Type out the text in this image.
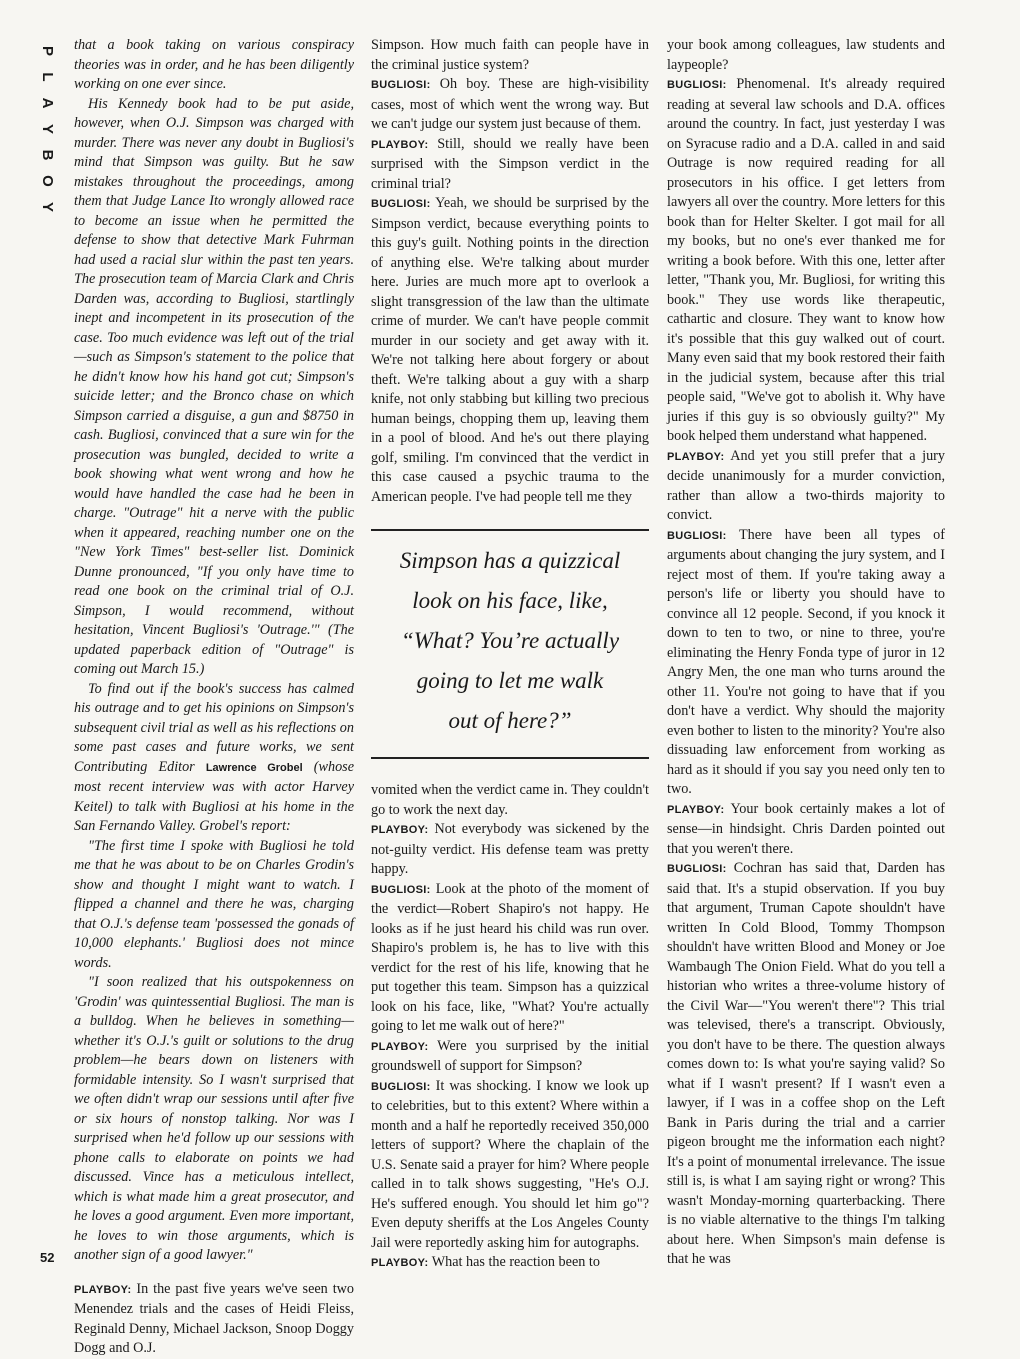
P
L
A
Y
B
O
Y
52

that a book taking on various conspiracy theories was in order, and he has been diligently working on one ever since.

His Kennedy book had to be put aside, however, when O.J. Simpson was charged with murder. There was never any doubt in Bugliosi's mind that Simpson was guilty. But he saw mistakes throughout the proceedings, among them that Judge Lance Ito wrongly allowed race to become an issue when he permitted the defense to show that detective Mark Fuhrman had used a racial slur within the past ten years. The prosecution team of Marcia Clark and Chris Darden was, according to Bugliosi, startlingly inept and incompetent in its prosecution of the case. Too much evidence was left out of the trial—such as Simpson's statement to the police that he didn't know how his hand got cut; Simpson's suicide letter; and the Bronco chase on which Simpson carried a disguise, a gun and $8750 in cash. Bugliosi, convinced that a sure win for the prosecution was bungled, decided to write a book showing what went wrong and how he would have handled the case had he been in charge. "Outrage" hit a nerve with the public when it appeared, reaching number one on the "New York Times" best-seller list. Dominick Dunne pronounced, "If you only have time to read one book on the criminal trial of O.J. Simpson, I would recommend, without hesitation, Vincent Bugliosi's 'Outrage.'" (The updated paperback edition of "Outrage" is coming out March 15.)

To find out if the book's success has calmed his outrage and to get his opinions on Simpson's subsequent civil trial as well as his reflections on some past cases and future works, we sent Contributing Editor Lawrence Grobel (whose most recent interview was with actor Harvey Keitel) to talk with Bugliosi at his home in the San Fernando Valley. Grobel's report:

"The first time I spoke with Bugliosi he told me that he was about to be on Charles Grodin's show and thought I might want to watch. I flipped a channel and there he was, charging that O.J.'s defense team 'possessed the gonads of 10,000 elephants.' Bugliosi does not mince words.

"I soon realized that his outspokenness on 'Grodin' was quintessential Bugliosi. The man is a bulldog. When he believes in something—whether it's O.J.'s guilt or solutions to the drug problem—he bears down on listeners with formidable intensity. So I wasn't surprised that we often didn't wrap our sessions until after five or six hours of nonstop talking. Nor was I surprised when he'd follow up our sessions with phone calls to elaborate on points we had discussed. Vince has a meticulous intellect, which is what made him a great prosecutor, and he loves a good argument. Even more important, he loves to win those arguments, which is another sign of a good lawyer."

PLAYBOY: In the past five years we've seen two Menendez trials and the cases of Heidi Fleiss, Reginald Denny, Michael Jackson, Snoop Doggy Dogg and O.J.

Simpson. How much faith can people have in the criminal justice system?

BUGLIOSI: Oh boy. These are high-visibility cases, most of which went the wrong way. But we can't judge our system just because of them.

PLAYBOY: Still, should we really have been surprised with the Simpson verdict in the criminal trial?

BUGLIOSI: Yeah, we should be surprised by the Simpson verdict, because everything points to this guy's guilt. Nothing points in the direction of anything else. We're talking about murder here. Juries are much more apt to overlook a slight transgression of the law than the ultimate crime of murder. We can't have people commit murder in our society and get away with it. We're not talking here about forgery or about theft. We're talking about a guy with a sharp knife, not only stabbing but killing two precious human beings, chopping them up, leaving them in a pool of blood. And he's out there playing golf, smiling. I'm convinced that the verdict in this case caused a psychic trauma to the American people. I've had people tell me they

Simpson has a quizzical
look on his face, like,
“What? You’re actually
going to let me walk
out of here?”

vomited when the verdict came in. They couldn't go to work the next day.

PLAYBOY: Not everybody was sickened by the not-guilty verdict. His defense team was pretty happy.

BUGLIOSI: Look at the photo of the moment of the verdict—Robert Shapiro's not happy. He looks as if he just heard his child was run over. Shapiro's problem is, he has to live with this verdict for the rest of his life, knowing that he put together this team. Simpson has a quizzical look on his face, like, "What? You're actually going to let me walk out of here?"

PLAYBOY: Were you surprised by the initial groundswell of support for Simpson?

BUGLIOSI: It was shocking. I know we look up to celebrities, but to this extent? Where within a month and a half he reportedly received 350,000 letters of support? Where the chaplain of the U.S. Senate said a prayer for him? Where people called in to talk shows suggesting, "He's O.J. He's suffered enough. You should let him go"? Even deputy sheriffs at the Los Angeles County Jail were reportedly asking him for autographs.

PLAYBOY: What has the reaction been to

your book among colleagues, law students and laypeople?

BUGLIOSI: Phenomenal. It's already required reading at several law schools and D.A. offices around the country. In fact, just yesterday I was on Syracuse radio and a D.A. called in and said Outrage is now required reading for all prosecutors in his office. I get letters from lawyers all over the country. More letters for this book than for Helter Skelter. I got mail for all my books, but no one's ever thanked me for writing a book before. With this one, letter after letter, "Thank you, Mr. Bugliosi, for writing this book." They use words like therapeutic, cathartic and closure. They want to know how it's possible that this guy walked out of court. Many even said that my book restored their faith in the judicial system, because after this trial people said, "We've got to abolish it. Why have juries if this guy is so obviously guilty?" My book helped them understand what happened.

PLAYBOY: And yet you still prefer that a jury decide unanimously for a murder conviction, rather than allow a two-thirds majority to convict.

BUGLIOSI: There have been all types of arguments about changing the jury system, and I reject most of them. If you're taking away a person's life or liberty you should have to convince all 12 people. Second, if you knock it down to ten to two, or nine to three, you're eliminating the Henry Fonda type of juror in 12 Angry Men, the one man who turns around the other 11. You're not going to have that if you don't have a verdict. Why should the majority even bother to listen to the minority? You're also dissuading law enforcement from working as hard as it should if you say you need only ten to two.

PLAYBOY: Your book certainly makes a lot of sense—in hindsight. Chris Darden pointed out that you weren't there.

BUGLIOSI: Cochran has said that, Darden has said that. It's a stupid observation. If you buy that argument, Truman Capote shouldn't have written In Cold Blood, Tommy Thompson shouldn't have written Blood and Money or Joe Wambaugh The Onion Field. What do you tell a historian who writes a three-volume history of the Civil War—"You weren't there"? This trial was televised, there's a transcript. Obviously, you don't have to be there. The question always comes down to: Is what you're saying valid? So what if I wasn't present? If I wasn't even a lawyer, if I was in a coffee shop on the Left Bank in Paris during the trial and a carrier pigeon brought me the information each night? It's a point of monumental irrelevance. The issue still is, is what I am saying right or wrong? This wasn't Monday-morning quarterbacking. There is no viable alternative to the things I'm talking about here. When Simpson's main defense is that he was
